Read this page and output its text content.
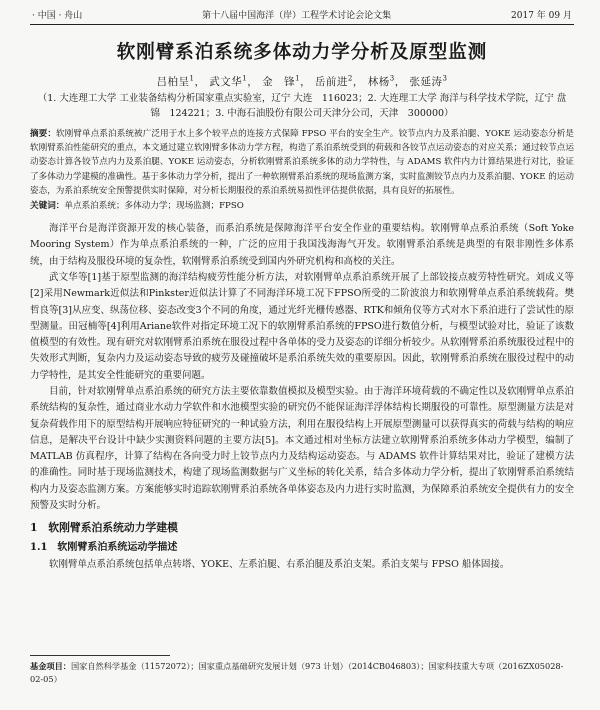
· 中国 · 舟山	第十八届中国海洋（岸）工程学术讨论会论文集	2017 年 09 月
软刚臂系泊系统多体动力学分析及原型监测
吕柏呈$^1$， 武文华$^1$， 金　锋$^1$， 岳前进$^2$， 林杨$^3$， 张延涛$^3$
（1. 大连理工大学 工业装备结构分析国家重点实验室，辽宁 大连　116023；2. 大连理工大学 海洋与科学技术学院，辽宁 盘锦　124221；3. 中海石油股份有限公司天津分公司，天津　300000）
摘要：软刚臂单点系泊系统被广泛用于水上多个较平点的连接方式保障 FPSO 平台的安全生产。铰节点内力及系泊腿、YOKE 运动姿态分析是软刚臂系泊性能研究的重点，本文通过建立软刚臂多体动力学方程，构造了系泊系统受到的荷载和各铰节点运动姿态的对应关系；通过较节点运动姿态计算各铰节点内力及系泊腿、YOKE 运动姿态，分析软刚臂系泊系统多体的动力学特性，与 ADAMS 软件内力计算结果进行对比，验证了多体动力学建模的准确性。基于多体动力学分析，提出了一种软刚臂系泊系统的现场监测方案，实时监测铰节点内力及系泊腿、YOKE 的运动姿态，为系泊系统安全预警提供实时保障，对分析长期服役的系泊系统易损性评估提供依据，具有良好的拓展性。
关键词：单点系泊系统；多体动力学；现场监测；FPSO

海洋平台是海洋资源开发的核心装备，而系泊系统是保障海洋平台安全作业的重要结构。软刚臂单点系泊系统（Soft Yoke Mooring System）作为单点系泊系统的一种，广泛的应用于我国浅海海气开发。软刚臂系泊系统是典型的有限非刚性多体系统，由于结构及服役环境的复杂性，软刚臂系泊系统受到国内外研究机构和高校的关注。

武文华等[1]基于原型监测的海洋结构疲劳性能分析方法，对软刚臂单点系泊系统开展了上部铰接点疲劳特性研究。刘成义等[2]采用Newmark近似法和Pinkster近似法计算了不同海洋环境工况下FPSO所受的二阶波浪力和软刚臂单点系泊系统载荷。樊哲良等[3]从应变、纵荡位移、姿态改变3个不同的角度，通过光纤光栅传感器、RTK和倾角仪等方式对水下系泊进行了尝试性的原型测量。田冠楠等[4]利用Ariane软件对指定环境工况下的软刚臂系泊系统的FPSO进行数值分析，与模型试验对比，验证了该数值模型的有效性。现有研究对软刚臂系泊系统在服役过程中各单体的受力及姿态的详细分析较少。从软刚臂系泊系统服役过程中的失效形式判断，复杂内力及运动姿态导致的疲劳及碰撞破坏是系泊系统失效的重要原因。因此，软刚臂系泊系统在服役过程中的动力学特性，是其安全性能研究的重要问题。

目前，针对软刚臂单点系泊系统的研究方法主要依靠数值模拟及模型实验。由于海洋环境荷载的不确定性以及软刚臂单点系泊系统结构的复杂性，通过商业水动力学软件和水池模型实验的研究仍不能保证海洋浮体结构长期服役的可靠性。原型测量方法是对复杂荷载作用下的原型结构开展响应特征研究的一种试验方法，利用在服役结构上开展原型测量可以获得真实的荷载与结构的响应信息，是解决平台设计中缺少实测资料问题的主要方法[5]。本文通过相对坐标方法建立软刚臂系泊系统多体动力学模型，编制了 MATLAB 仿真程序，计算了结构在各向受力时上铰节点内力及结构运动姿态。与 ADAMS 软件计算结果对比，验证了建模方法的准确性。同时基于现场监测技术，构建了现场监测数据与广义坐标的转化关系，结合多体动力学分析，提出了软刚臂系泊系统结构内力及姿态监测方案。方案能够实时追踪软刚臂系泊系统各单体姿态及内力进行实时监测，为保障系泊系统安全提供有力的安全预警及实时分析。

1　软刚臂系泊系统动力学建模
1.1　软刚臂系泊系统运动学描述

软刚臂单点系泊系统包括单点转塔、YOKE、左系泊腿、右系泊腿及系泊支架。系泊支架与 FPSO 船体固接。

基金项目：国家自然科学基金（11572072）；国家重点基础研究发展计划（973 计划）（2014CB046803）；国家科技重大专项（2016ZX05028-02-05）
